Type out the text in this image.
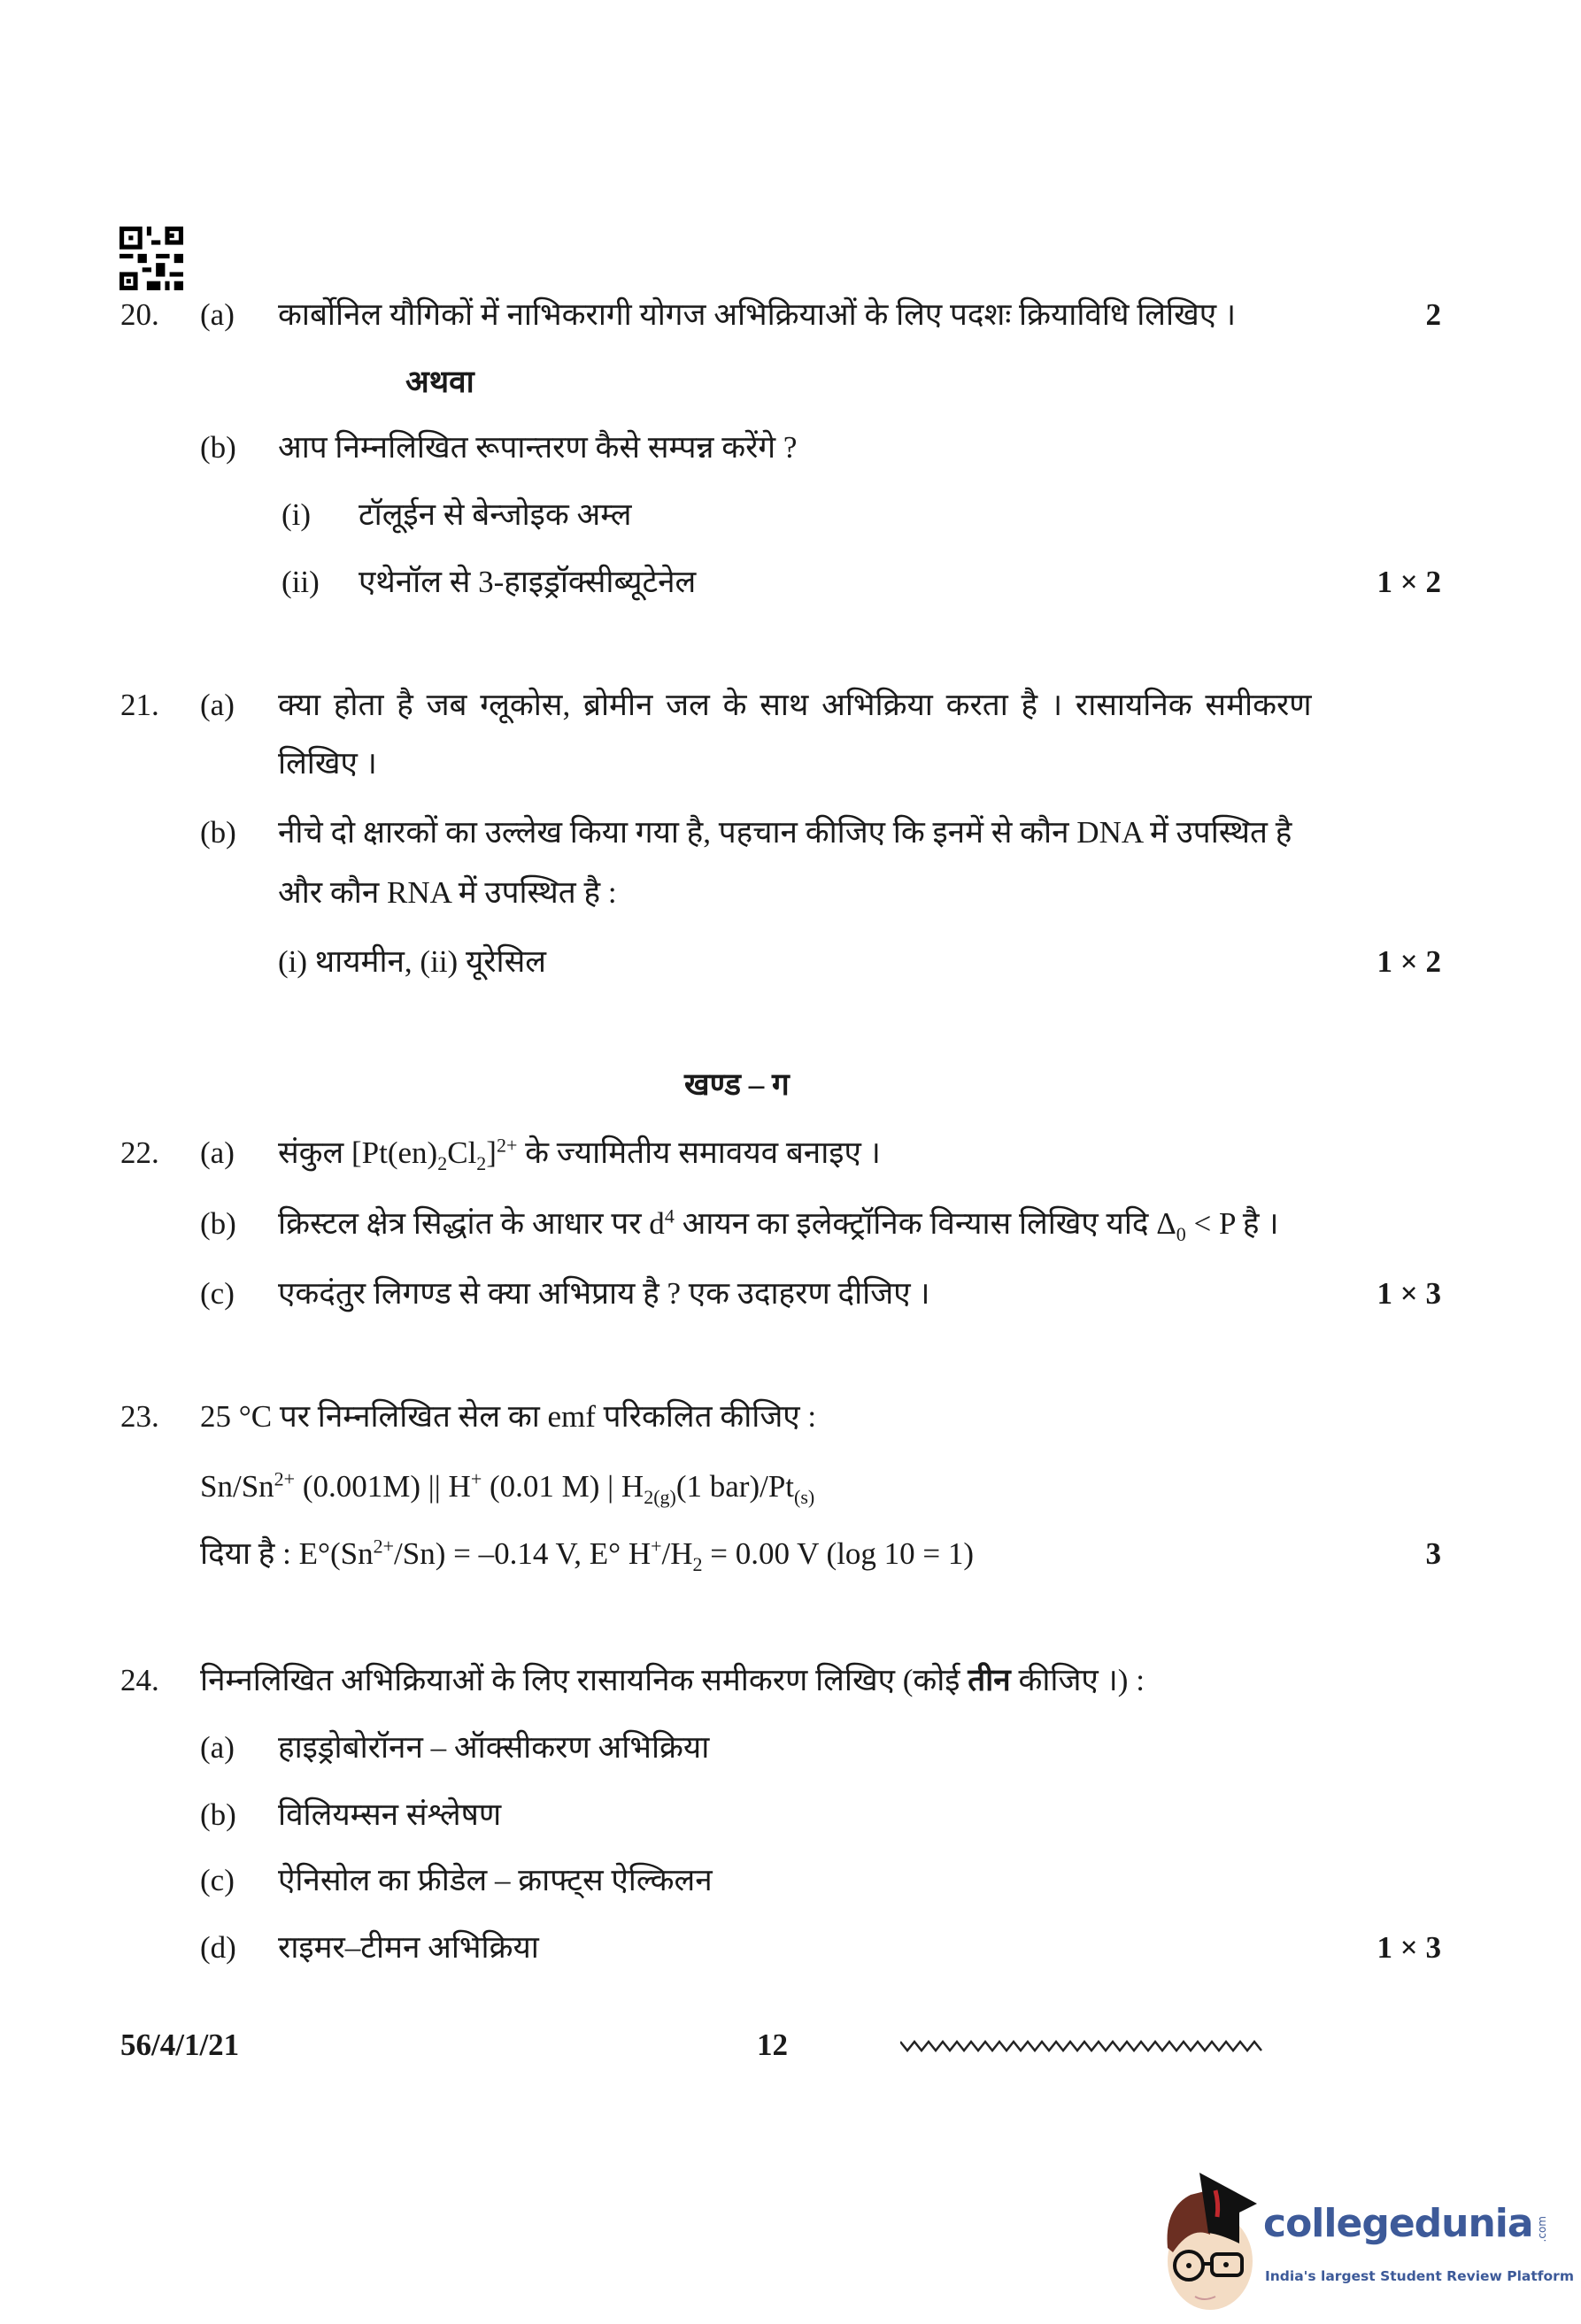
20.	(a)	कार्बोनिल यौगिकों में नाभिकरागी योगज अभिक्रियाओं के लिए पदशः क्रियाविधि लिखिए ।	2
अथवा
(b)	आप निम्नलिखित रूपान्तरण कैसे सम्पन्न करेंगे ?
(i)	टॉलूईन से बेन्जोइक अम्ल
(ii)	एथेनॉल से 3-हाइड्रॉक्सीब्यूटेनेल	1 × 2
21.	(a)	क्या होता है जब ग्लूकोस, ब्रोमीन जल के साथ अभिक्रिया करता है । रासायनिक समीकरण
लिखिए ।
(b)	नीचे दो क्षारकों का उल्लेख किया गया है, पहचान कीजिए कि इनमें से कौन DNA में उपस्थित है
और कौन RNA में उपस्थित है :
(i) थायमीन, (ii) यूरेसिल	1 × 2
खण्ड – ग
22.	(a)	संकुल $[Pt(en)_2Cl_2]^{2+}$ के ज्यामितीय समावयव बनाइए ।
(b)	क्रिस्टल क्षेत्र सिद्धांत के आधार पर $d^4$ आयन का इलेक्ट्रॉनिक विन्यास लिखिए यदि $\Delta_0 < P$ है ।
(c)	एकदंतुर लिगण्ड से क्या अभिप्राय है ? एक उदाहरण दीजिए ।	1 × 3
23.	25 °C पर निम्नलिखित सेल का emf परिकलित कीजिए :
$Sn/Sn^{2+}$ (0.001M) || H+ (0.01 M) | $H_{2(g)}(1$ $bar)/Pt_{(s)}$
दिया है : $E^\circ(Sn^{2+}/Sn) = -0.14$ V, E° $H^+/H_2 = 0.00$ V (log 10 = 1)	3
24.	निम्नलिखित अभिक्रियाओं के लिए रासायनिक समीकरण लिखिए (कोई तीन कीजिए ।) :
(a)	हाइड्रोबोरॉनन – ऑक्सीकरण अभिक्रिया
(b)	विलियम्सन संश्लेषण
(c)	ऐनिसोल का फ्रीडेल – क्राफ्ट्स ऐल्किलन
(d)	राइमर–टीमन अभिक्रिया	1 × 3
56/4/1/21	12
collegedunia .com
India's largest Student Review Platform
